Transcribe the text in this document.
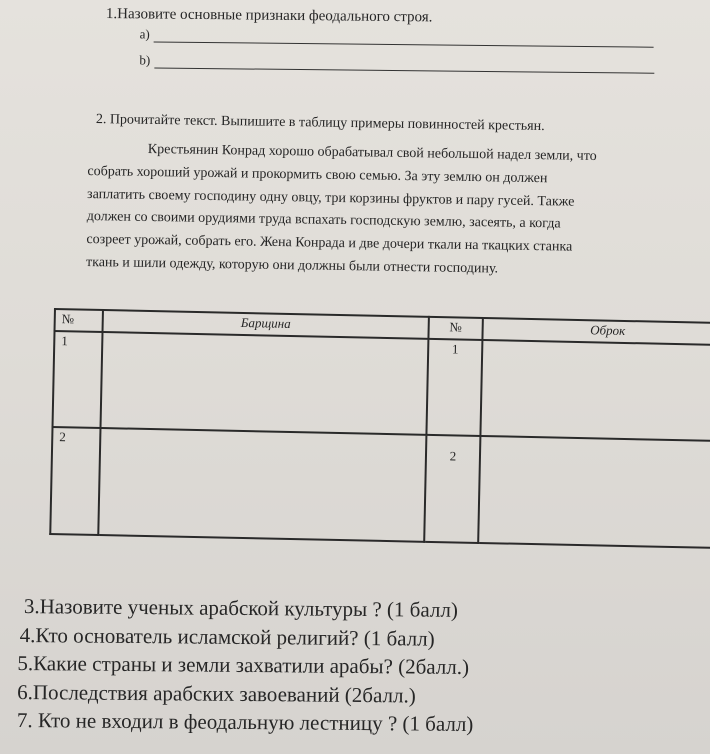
1.Назовите основные признаки феодального строя.
a)
b)
2. Прочитайте текст. Выпишите в таблицу примеры повинностей крестьян.
Крестьянин Конрад хорошо обрабатывал свой небольшой надел земли, что
собрать хороший урожай и прокормить свою семью. За эту землю он должен
заплатить своему господину одну овцу, три корзины фруктов и пару гусей. Также
должен со своими орудиями труда вспахать господскую землю, засеять, а когда
созреет урожай, собрать его. Жена Конрада и две дочери ткали на ткацких станка
ткань и шили одежду, которую они должны были отнести господину.
№	Барщина	№	Оброк
1		1	
2		2	
3.Назовите ученых арабской культуры ? (1 балл)
4.Кто основатель исламской религий? (1 балл)
5.Какие страны и земли захватили арабы? (2балл.)
6.Последствия арабских завоеваний (2балл.)
7. Кто не входил в феодальную лестницу ? (1 балл)
